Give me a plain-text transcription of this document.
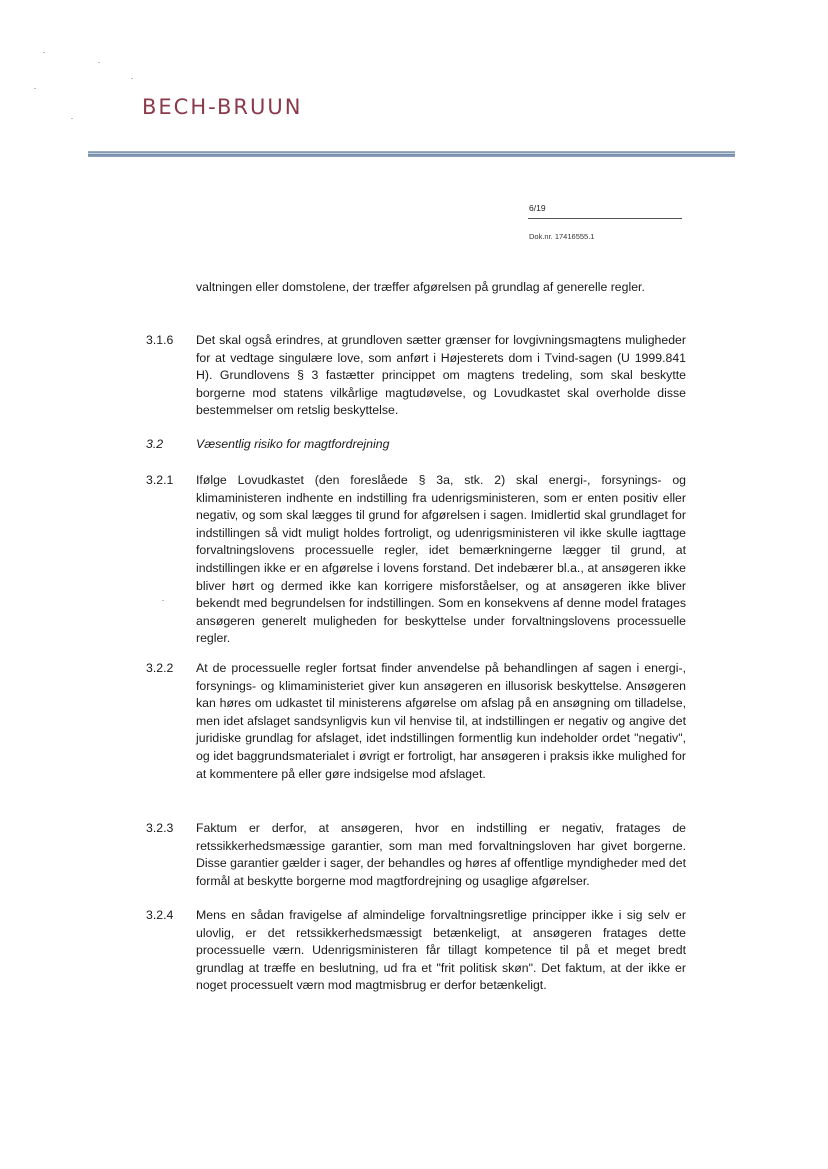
BECH-BRUUN
6/19
Dok.nr. 17416555.1
valtningen eller domstolene, der træffer afgørelsen på grundlag af generelle regler.
3.1.6	Det skal også erindres, at grundloven sætter grænser for lovgivningsmagtens muligheder for at vedtage singulære love, som anført i Højesterets dom i Tvind-sagen (U 1999.841 H). Grundlovens § 3 fastætter princippet om magtens tredeling, som skal beskytte borgerne mod statens vilkårlige magtudøvelse, og Lovudkastet skal overholde disse bestemmelser om retslig beskyttelse.
3.2	Væsentlig risiko for magtfordrejning
3.2.1	Ifølge Lovudkastet (den foreslåede § 3a, stk. 2) skal energi-, forsynings- og klimaministeren indhente en indstilling fra udenrigsministeren, som er enten positiv eller negativ, og som skal lægges til grund for afgørelsen i sagen. Imidlertid skal grundlaget for indstillingen så vidt muligt holdes fortroligt, og udenrigsministeren vil ikke skulle iagttage forvaltningslovens processuelle regler, idet bemærkningerne lægger til grund, at indstillingen ikke er en afgørelse i lovens forstand. Det indebærer bl.a., at ansøgeren ikke bliver hørt og dermed ikke kan korrigere misforståelser, og at ansøgeren ikke bliver bekendt med begrundelsen for indstillingen. Som en konsekvens af denne model fratages ansøgeren generelt muligheden for beskyttelse under forvaltningslovens processuelle regler.
3.2.2	At de processuelle regler fortsat finder anvendelse på behandlingen af sagen i energi-, forsynings- og klimaministeriet giver kun ansøgeren en illusorisk beskyttelse. Ansøgeren kan høres om udkastet til ministerens afgørelse om afslag på en ansøgning om tilladelse, men idet afslaget sandsynligvis kun vil henvise til, at indstillingen er negativ og angive det juridiske grundlag for afslaget, idet indstillingen formentlig kun indeholder ordet "negativ", og idet baggrundsmaterialet i øvrigt er fortroligt, har ansøgeren i praksis ikke mulighed for at kommentere på eller gøre indsigelse mod afslaget.
3.2.3	Faktum er derfor, at ansøgeren, hvor en indstilling er negativ, fratages de retssikkerhedsmæssige garantier, som man med forvaltningsloven har givet borgerne. Disse garantier gælder i sager, der behandles og høres af offentlige myndigheder med det formål at beskytte borgerne mod magtfordrejning og usaglige afgørelser.
3.2.4	Mens en sådan fravigelse af almindelige forvaltningsretlige principper ikke i sig selv er ulovlig, er det retssikkerhedsmæssigt betænkeligt, at ansøgeren fratages dette processuelle værn. Udenrigsministeren får tillagt kompetence til på et meget bredt grundlag at træffe en beslutning, ud fra et "frit politisk skøn". Det faktum, at der ikke er noget processuelt værn mod magtmisbrug er derfor betænkeligt.
